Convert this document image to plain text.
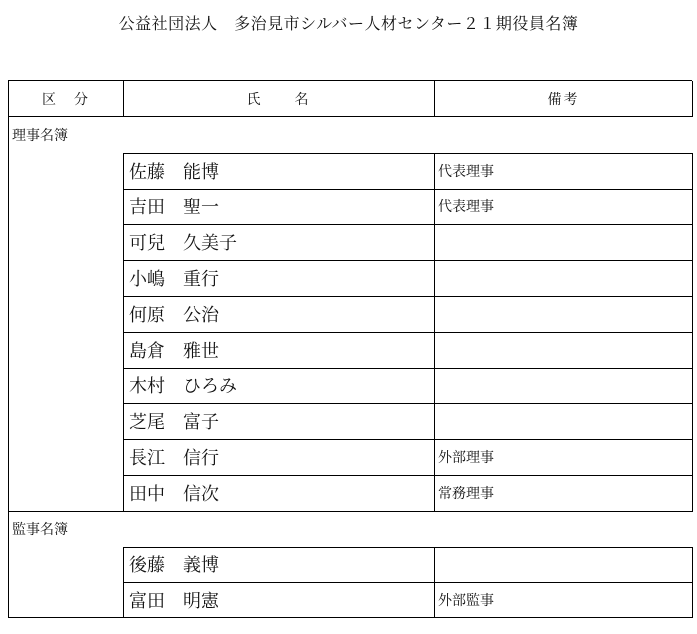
公益社団法人　多治見市シルバー人材センター２１期役員名簿
区　分	氏　　名	備考
理事名簿
佐藤 能博	代表理事
吉田 聖一	代表理事
可兒 久美子
小嶋 重行
何原 公治
島倉 雅世
木村 ひろみ
芝尾 富子
長江 信行	外部理事
田中 信次	常務理事
監事名簿
後藤 義博
富田 明憲	外部監事
